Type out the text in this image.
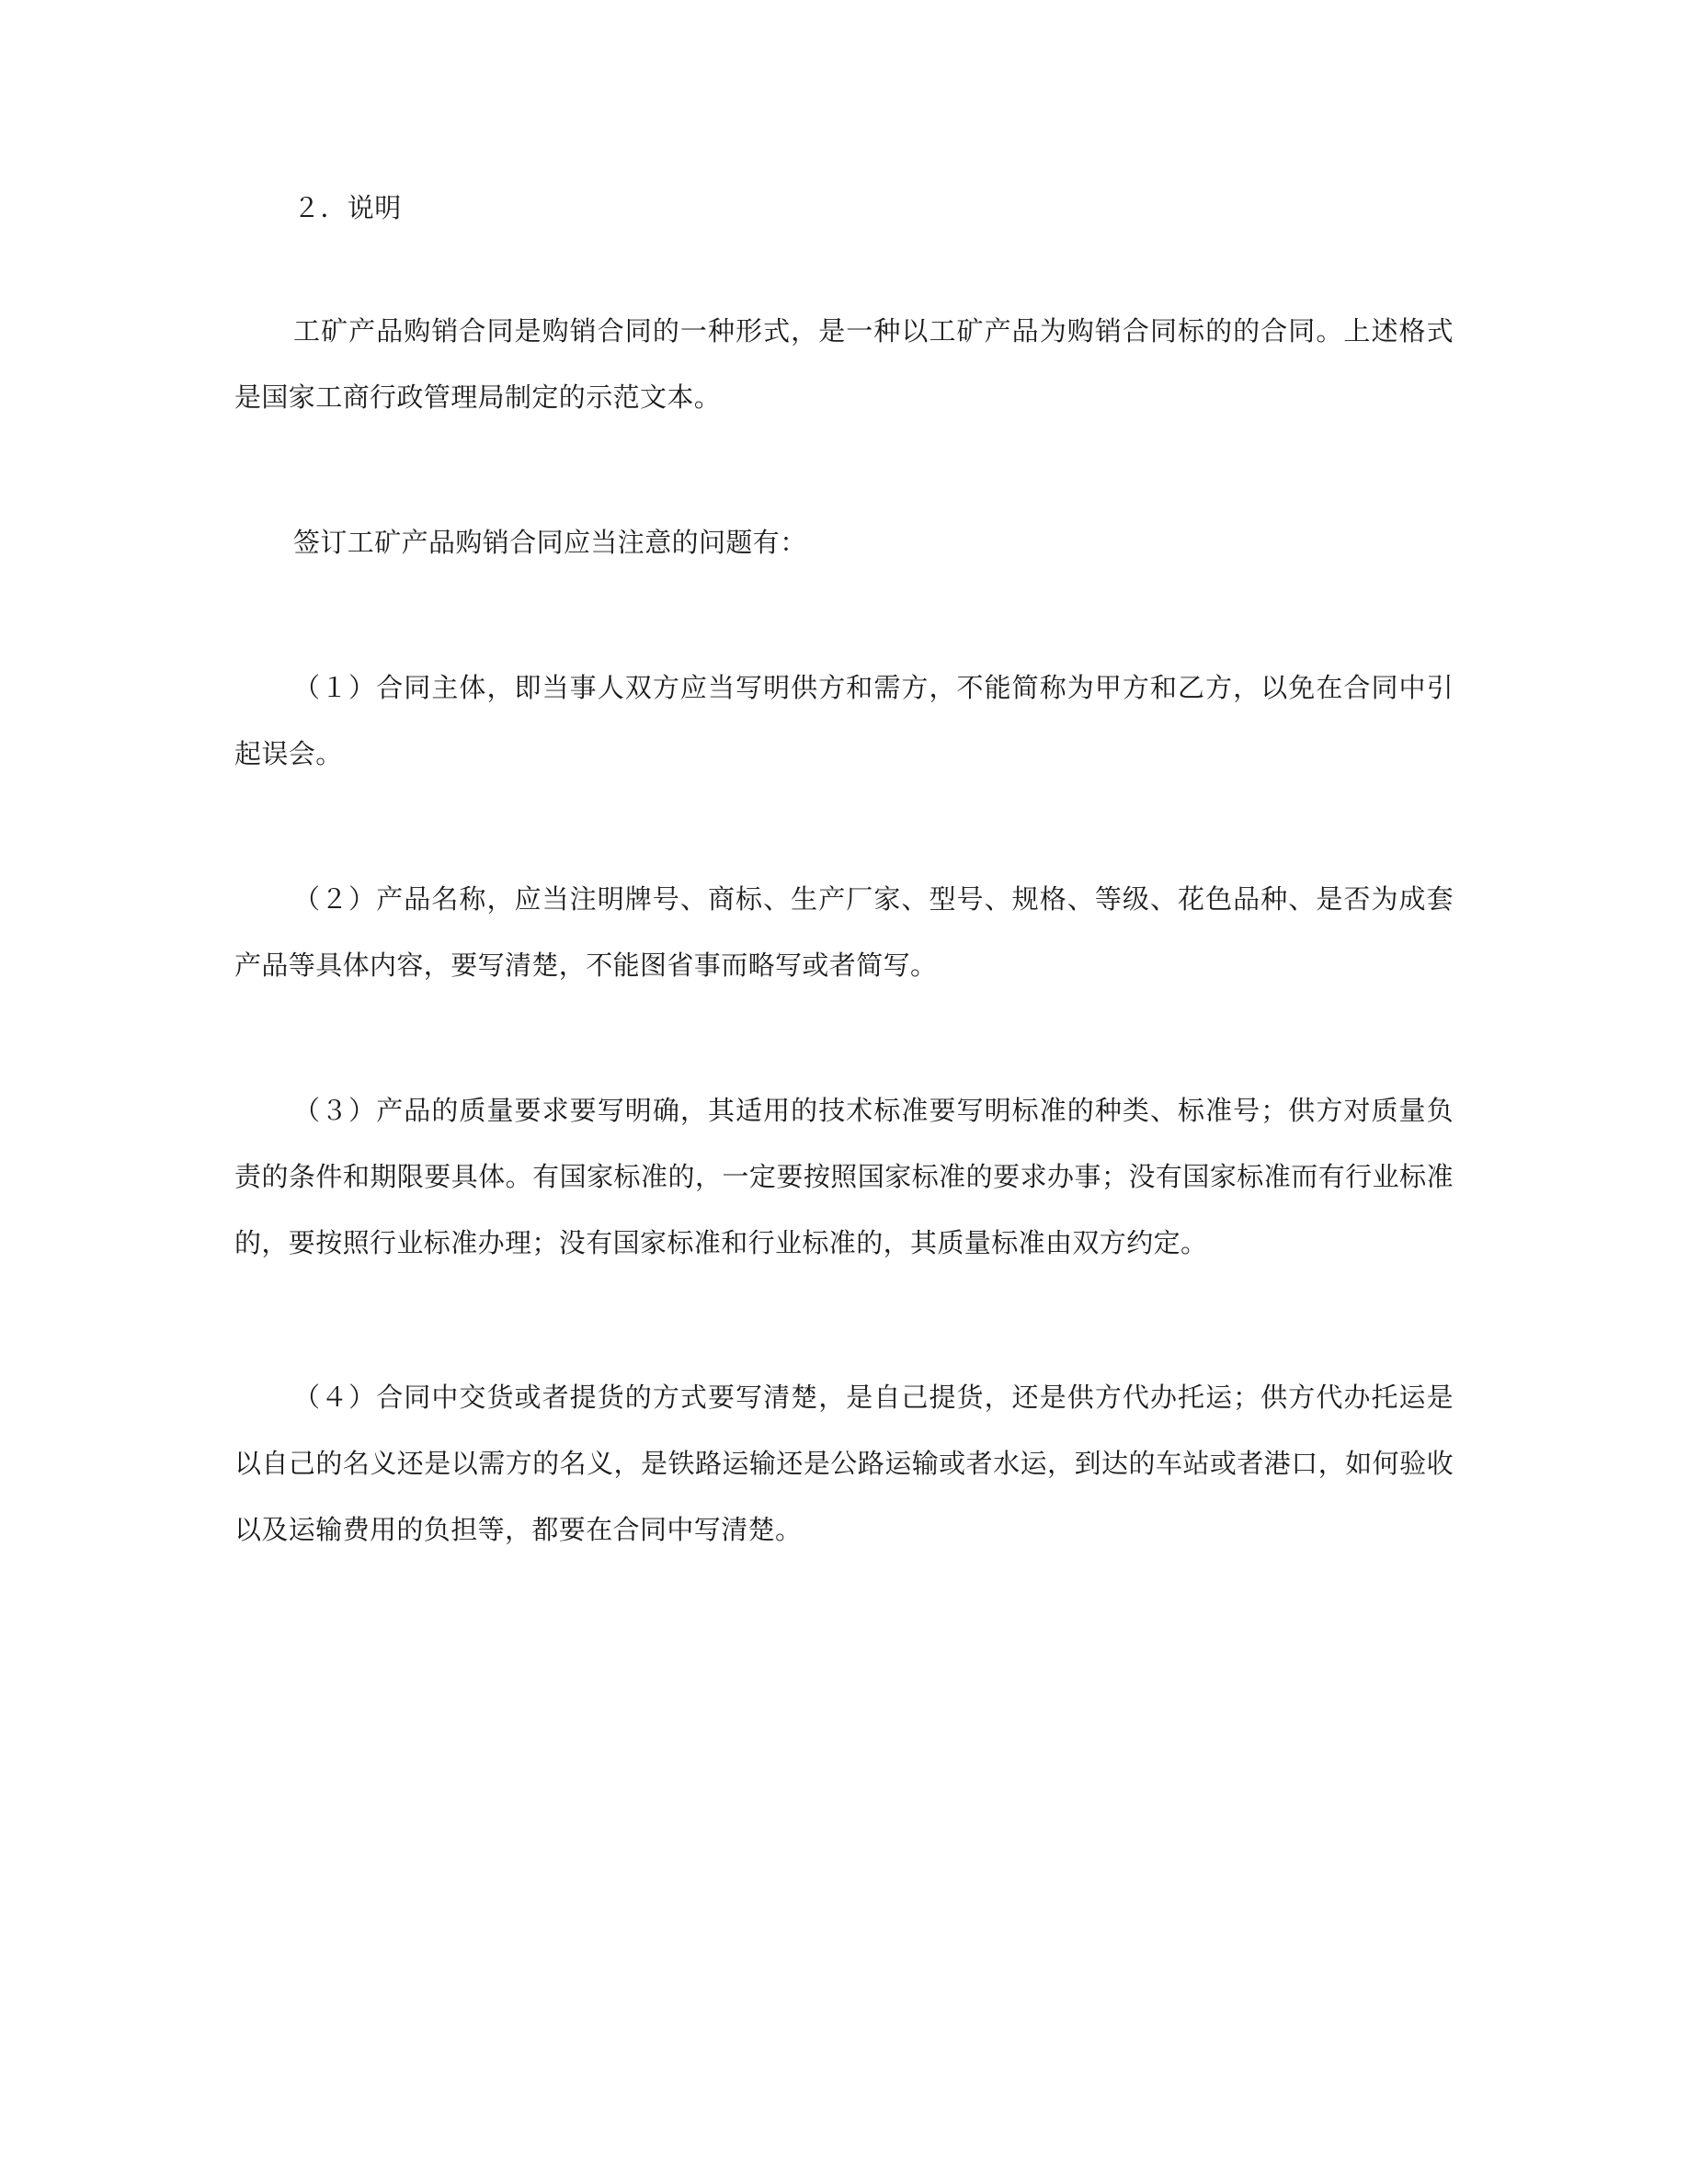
２．说明

工矿产品购销合同是购销合同的一种形式，是一种以工矿产品为购销合同标的的合同。上述格式是国家工商行政管理局制定的示范文本。

签订工矿产品购销合同应当注意的问题有：

（１）合同主体，即当事人双方应当写明供方和需方，不能简称为甲方和乙方，以免在合同中引起误会。

（２）产品名称，应当注明牌号、商标、生产厂家、型号、规格、等级、花色品种、是否为成套产品等具体内容，要写清楚，不能图省事而略写或者简写。

（３）产品的质量要求要写明确，其适用的技术标准要写明标准的种类、标准号；供方对质量负责的条件和期限要具体。有国家标准的，一定要按照国家标准的要求办事；没有国家标准而有行业标准的，要按照行业标准办理；没有国家标准和行业标准的，其质量标准由双方约定。

（４）合同中交货或者提货的方式要写清楚，是自己提货，还是供方代办托运；供方代办托运是以自己的名义还是以需方的名义，是铁路运输还是公路运输或者水运，到达的车站或者港口，如何验收以及运输费用的负担等，都要在合同中写清楚。
